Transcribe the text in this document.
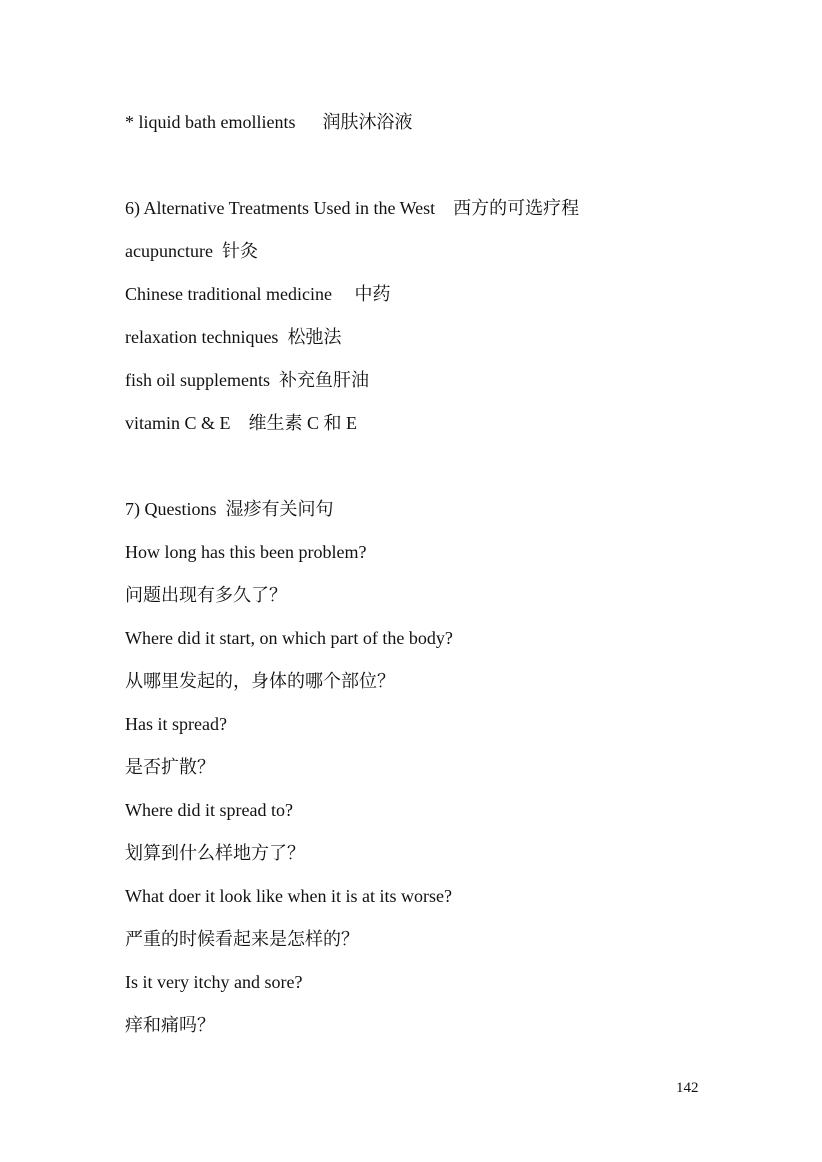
* liquid bath emollients      润肤沐浴液
6) Alternative Treatments Used in the West    西方的可选疗程
acupuncture  针灸
Chinese traditional medicine     中药
relaxation techniques  松弛法
fish oil supplements  补充鱼肝油
vitamin C & E    维生素 C 和 E
7) Questions  湿疹有关问句
How long has this been problem?
问题出现有多久了？
Where did it start, on which part of the body?
从哪里发起的，身体的哪个部位？
Has it spread?
是否扩散？
Where did it spread to?
划算到什么样地方了？
What doer it look like when it is at its worse?
严重的时候看起来是怎样的？
Is it very itchy and sore?
痒和痛吗？
142
